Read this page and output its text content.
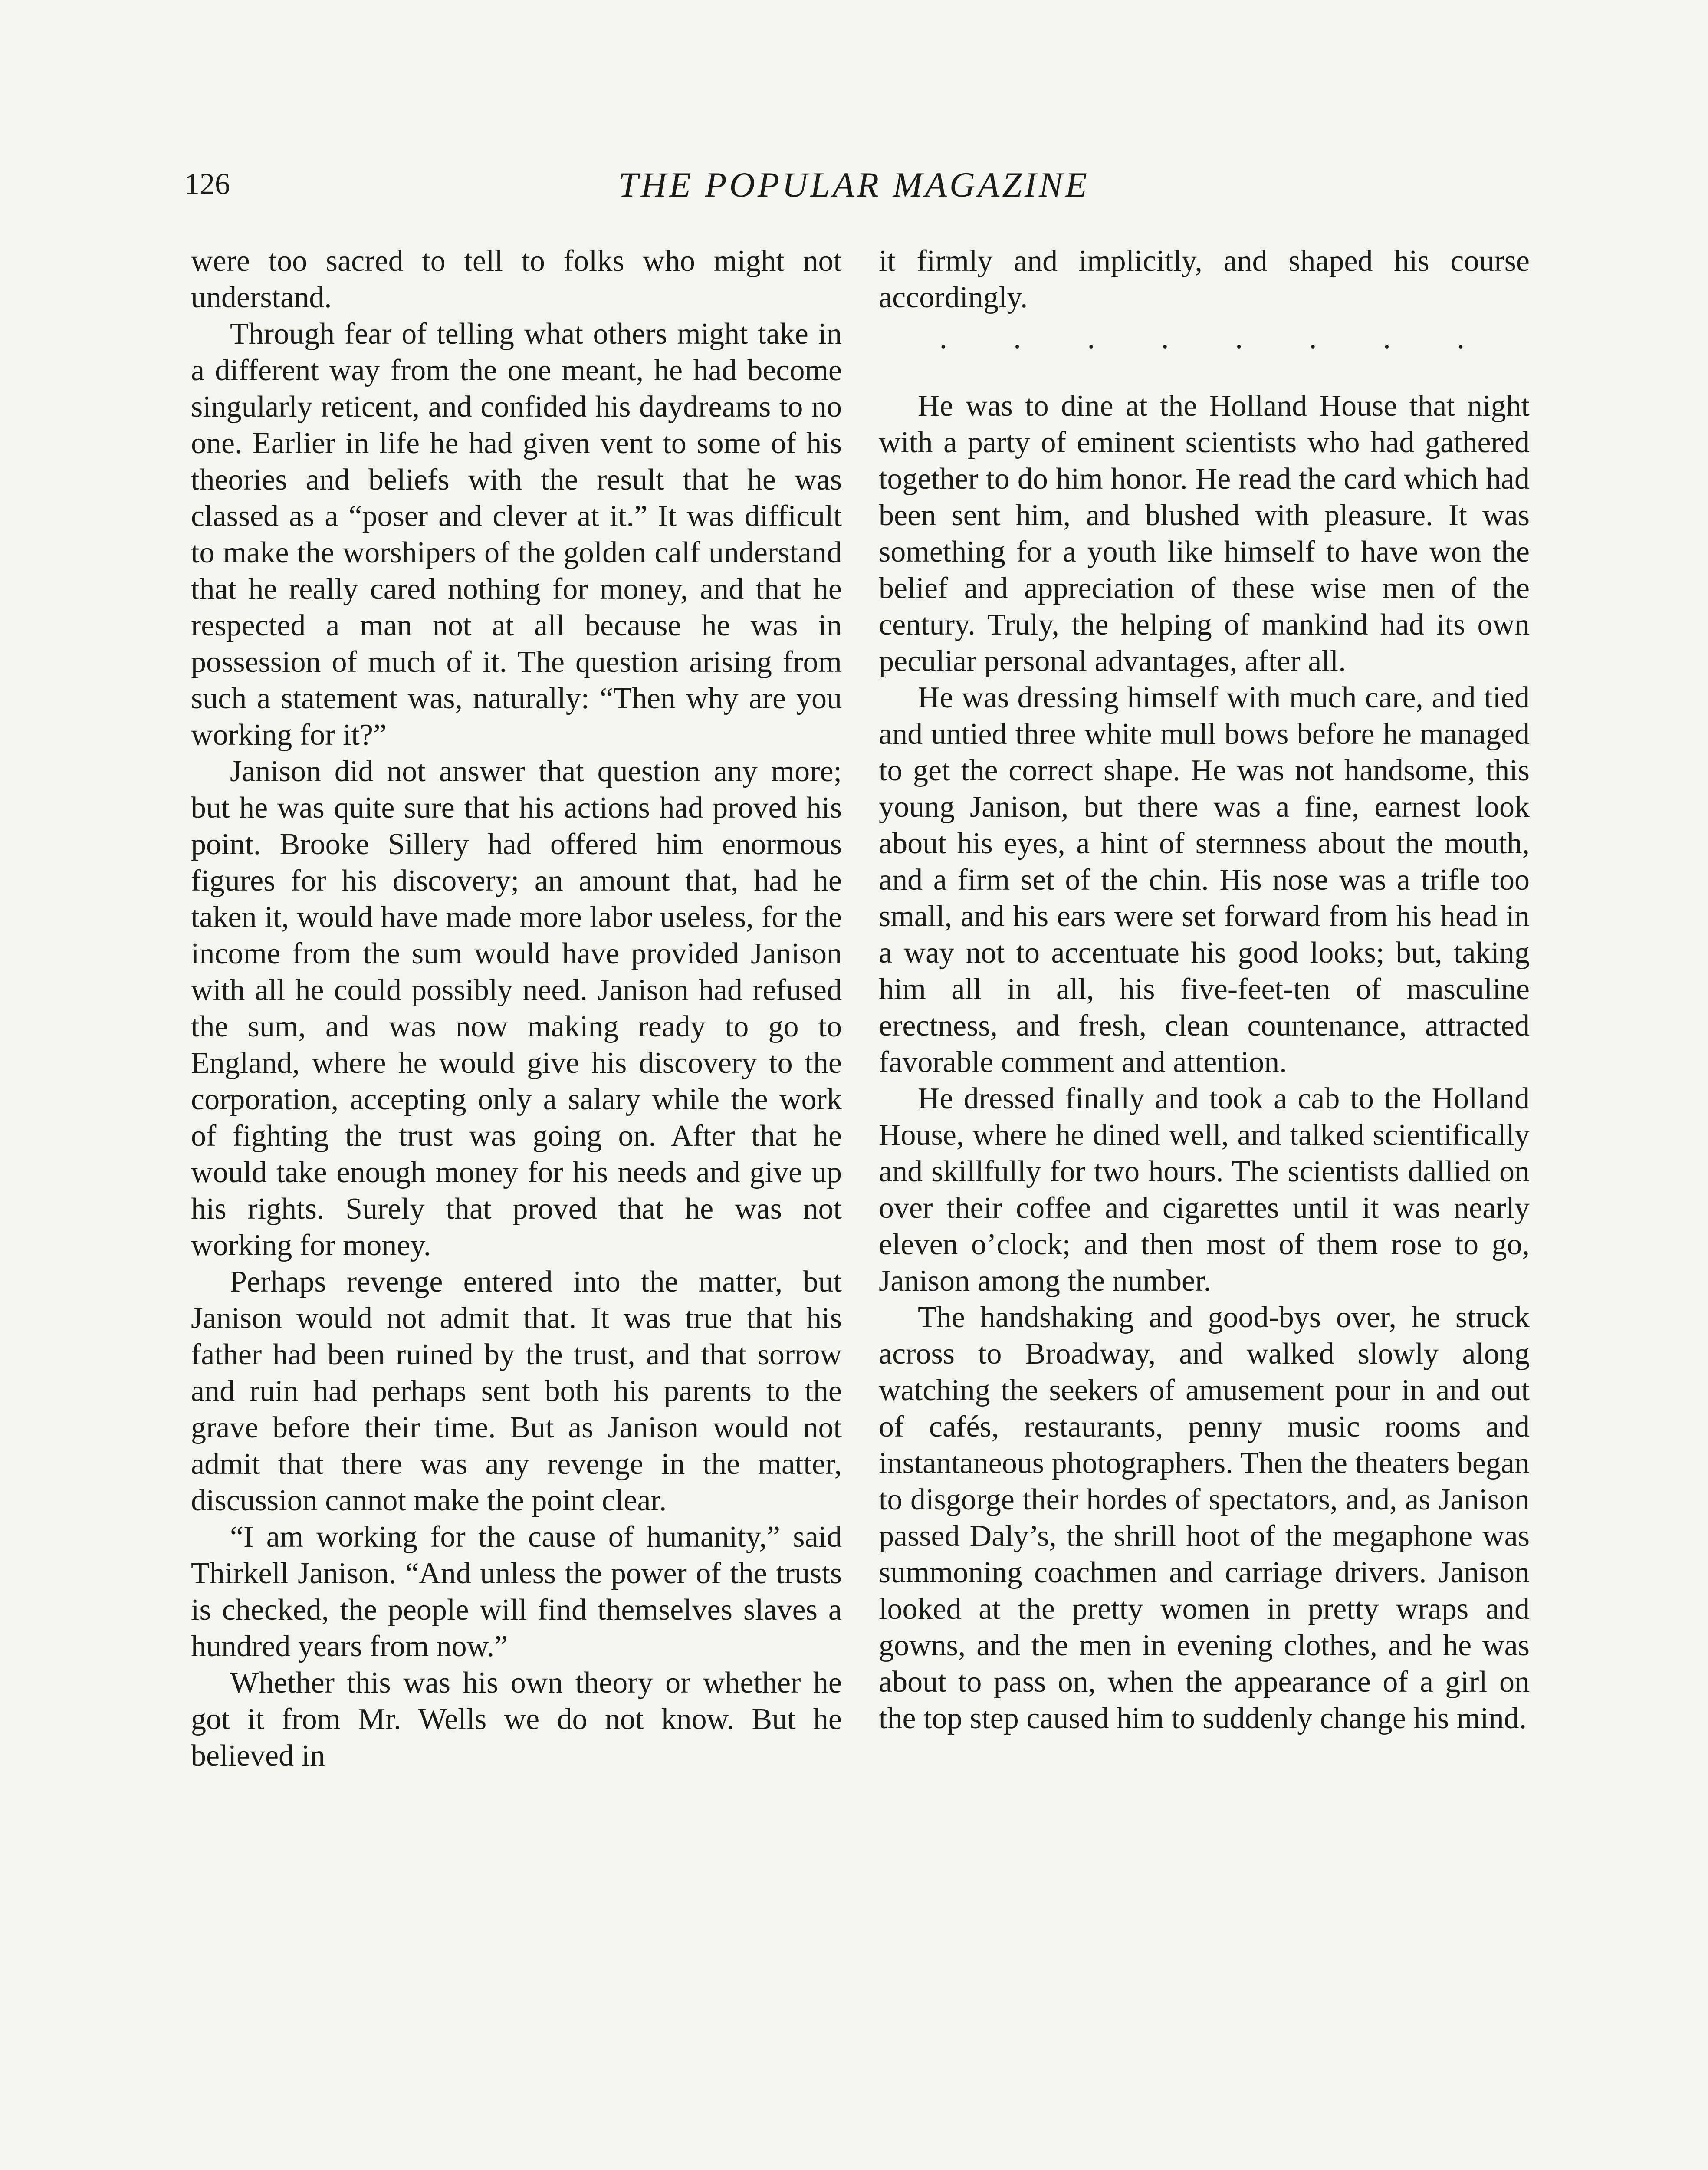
126	THE POPULAR MAGAZINE

were too sacred to tell to folks who might not understand.

Through fear of telling what others might take in a different way from the one meant, he had become singularly reticent, and confided his daydreams to no one. Earlier in life he had given vent to some of his theories and beliefs with the result that he was classed as a “poser and clever at it.” It was difficult to make the worshipers of the golden calf understand that he really cared nothing for money, and that he respected a man not at all because he was in possession of much of it. The question arising from such a statement was, naturally: “Then why are you working for it?”

Janison did not answer that question any more; but he was quite sure that his actions had proved his point. Brooke Sillery had offered him enormous figures for his discovery; an amount that, had he taken it, would have made more labor useless, for the income from the sum would have provided Janison with all he could possibly need. Janison had refused the sum, and was now making ready to go to England, where he would give his discovery to the corporation, accepting only a salary while the work of fighting the trust was going on. After that he would take enough money for his needs and give up his rights. Surely that proved that he was not working for money.

Perhaps revenge entered into the matter, but Janison would not admit that. It was true that his father had been ruined by the trust, and that sorrow and ruin had perhaps sent both his parents to the grave before their time. But as Janison would not admit that there was any revenge in the matter, discussion cannot make the point clear.

“I am working for the cause of humanity,” said Thirkell Janison. “And unless the power of the trusts is checked, the people will find themselves slaves a hundred years from now.”

Whether this was his own theory or whether he got it from Mr. Wells we do not know. But he believed in

it firmly and implicitly, and shaped his course accordingly.

. . . . . . . .

He was to dine at the Holland House that night with a party of eminent scientists who had gathered together to do him honor. He read the card which had been sent him, and blushed with pleasure. It was something for a youth like himself to have won the belief and appreciation of these wise men of the century. Truly, the helping of mankind had its own peculiar personal advantages, after all.

He was dressing himself with much care, and tied and untied three white mull bows before he managed to get the correct shape. He was not handsome, this young Janison, but there was a fine, earnest look about his eyes, a hint of sternness about the mouth, and a firm set of the chin. His nose was a trifle too small, and his ears were set forward from his head in a way not to accentuate his good looks; but, taking him all in all, his five-feet-ten of masculine erectness, and fresh, clean countenance, attracted favorable comment and attention.

He dressed finally and took a cab to the Holland House, where he dined well, and talked scientifically and skillfully for two hours. The scientists dallied on over their coffee and cigarettes until it was nearly eleven o’clock; and then most of them rose to go, Janison among the number.

The handshaking and good-bys over, he struck across to Broadway, and walked slowly along watching the seekers of amusement pour in and out of cafés, restaurants, penny music rooms and instantaneous photographers. Then the theaters began to disgorge their hordes of spectators, and, as Janison passed Daly’s, the shrill hoot of the megaphone was summoning coachmen and carriage drivers. Janison looked at the pretty women in pretty wraps and gowns, and the men in evening clothes, and he was about to pass on, when the appearance of a girl on the top step caused him to suddenly change his mind.
